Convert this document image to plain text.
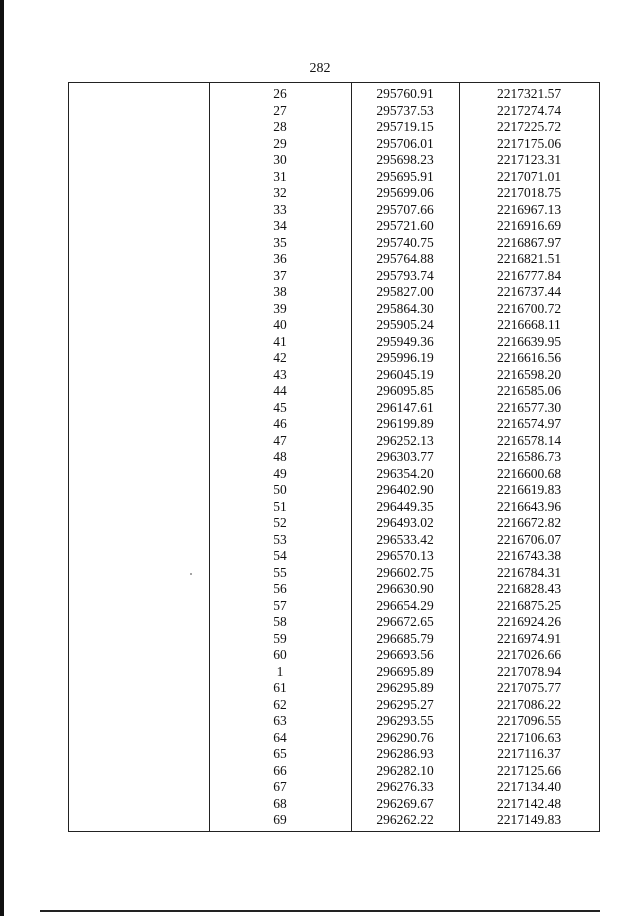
282
26	295760.91	2217321.57
27	295737.53	2217274.74
28	295719.15	2217225.72
29	295706.01	2217175.06
30	295698.23	2217123.31
31	295695.91	2217071.01
32	295699.06	2217018.75
33	295707.66	2216967.13
34	295721.60	2216916.69
35	295740.75	2216867.97
36	295764.88	2216821.51
37	295793.74	2216777.84
38	295827.00	2216737.44
39	295864.30	2216700.72
40	295905.24	2216668.11
41	295949.36	2216639.95
42	295996.19	2216616.56
43	296045.19	2216598.20
44	296095.85	2216585.06
45	296147.61	2216577.30
46	296199.89	2216574.97
47	296252.13	2216578.14
48	296303.77	2216586.73
49	296354.20	2216600.68
50	296402.90	2216619.83
51	296449.35	2216643.96
52	296493.02	2216672.82
53	296533.42	2216706.07
54	296570.13	2216743.38
55	296602.75	2216784.31
56	296630.90	2216828.43
57	296654.29	2216875.25
58	296672.65	2216924.26
59	296685.79	2216974.91
60	296693.56	2217026.66
1	296695.89	2217078.94
61	296295.89	2217075.77
62	296295.27	2217086.22
63	296293.55	2217096.55
64	296290.76	2217106.63
65	296286.93	2217116.37
66	296282.10	2217125.66
67	296276.33	2217134.40
68	296269.67	2217142.48
69	296262.22	2217149.83
